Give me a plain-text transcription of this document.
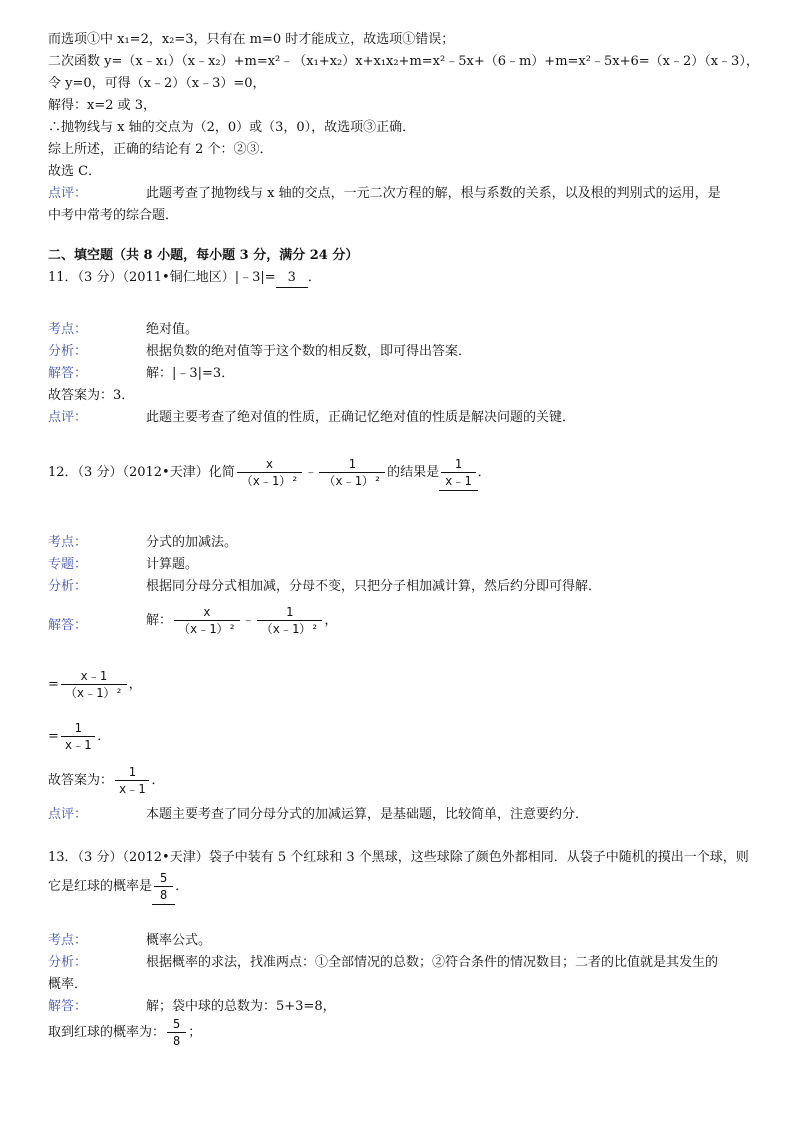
而选项①中 x₁=2，x₂=3，只有在 m=0 时才能成立，故选项①错误；
二次函数 y=（x﹣x₁）（x﹣x₂）+m=x²﹣（x₁+x₂）x+x₁x₂+m=x²﹣5x+（6﹣m）+m=x²﹣5x+6=（x﹣2）（x﹣3），
令 y=0，可得（x﹣2）（x﹣3）=0，
解得：x=2 或 3，
∴抛物线与 x 轴的交点为（2，0）或（3，0），故选项③正确．
综上所述，正确的结论有 2 个：②③．
故选 C．
点评：	此题考查了抛物线与 x 轴的交点，一元二次方程的解，根与系数的关系，以及根的判别式的运用，是
中考中常考的综合题．
二、填空题（共 8 小题，每小题 3 分，满分 24 分）
11．（3 分）（2011•铜仁地区）|﹣3|= 3 ．
考点：	绝对值。
分析：	根据负数的绝对值等于这个数的相反数，即可得出答案．
解答：	解：|﹣3|=3．
故答案为：3．
点评：	此题主要考查了绝对值的性质，正确记忆绝对值的性质是解决问题的关键．
12．（3 分）（2012•天津）化简 $\frac{x}{\text{（x﹣1）²}}$ ﹣ $\frac{1}{\text{（x﹣1）²}}$ 的结果是 $\frac{1}{x﹣1}$ ．
考点：	分式的加减法。
专题：	计算题。
分析：	根据同分母分式相加减，分母不变，只把分子相加减计算，然后约分即可得解．
解答：	解： $\frac{x}{\text{（x﹣1）²}}$ ﹣ $\frac{1}{\text{（x﹣1）²}}$ ，
= $\frac{x﹣1}{\text{（x﹣1）²}}$ ，
= $\frac{1}{x﹣1}$ ．
故答案为： $\frac{1}{x﹣1}$ ．
点评：	本题主要考查了同分母分式的加减运算，是基础题，比较简单，注意要约分．
13．（3 分）（2012•天津）袋子中装有 5 个红球和 3 个黑球，这些球除了颜色外都相同．从袋子中随机的摸出一个球，则
它是红球的概率是 $\frac{5}{8}$ ．
考点：	概率公式。
分析：	根据概率的求法，找准两点：①全部情况的总数；②符合条件的情况数目；二者的比值就是其发生的
概率．
解答：	解；袋中球的总数为：5+3=8，
取到红球的概率为： $\frac{5}{8}$ ；
